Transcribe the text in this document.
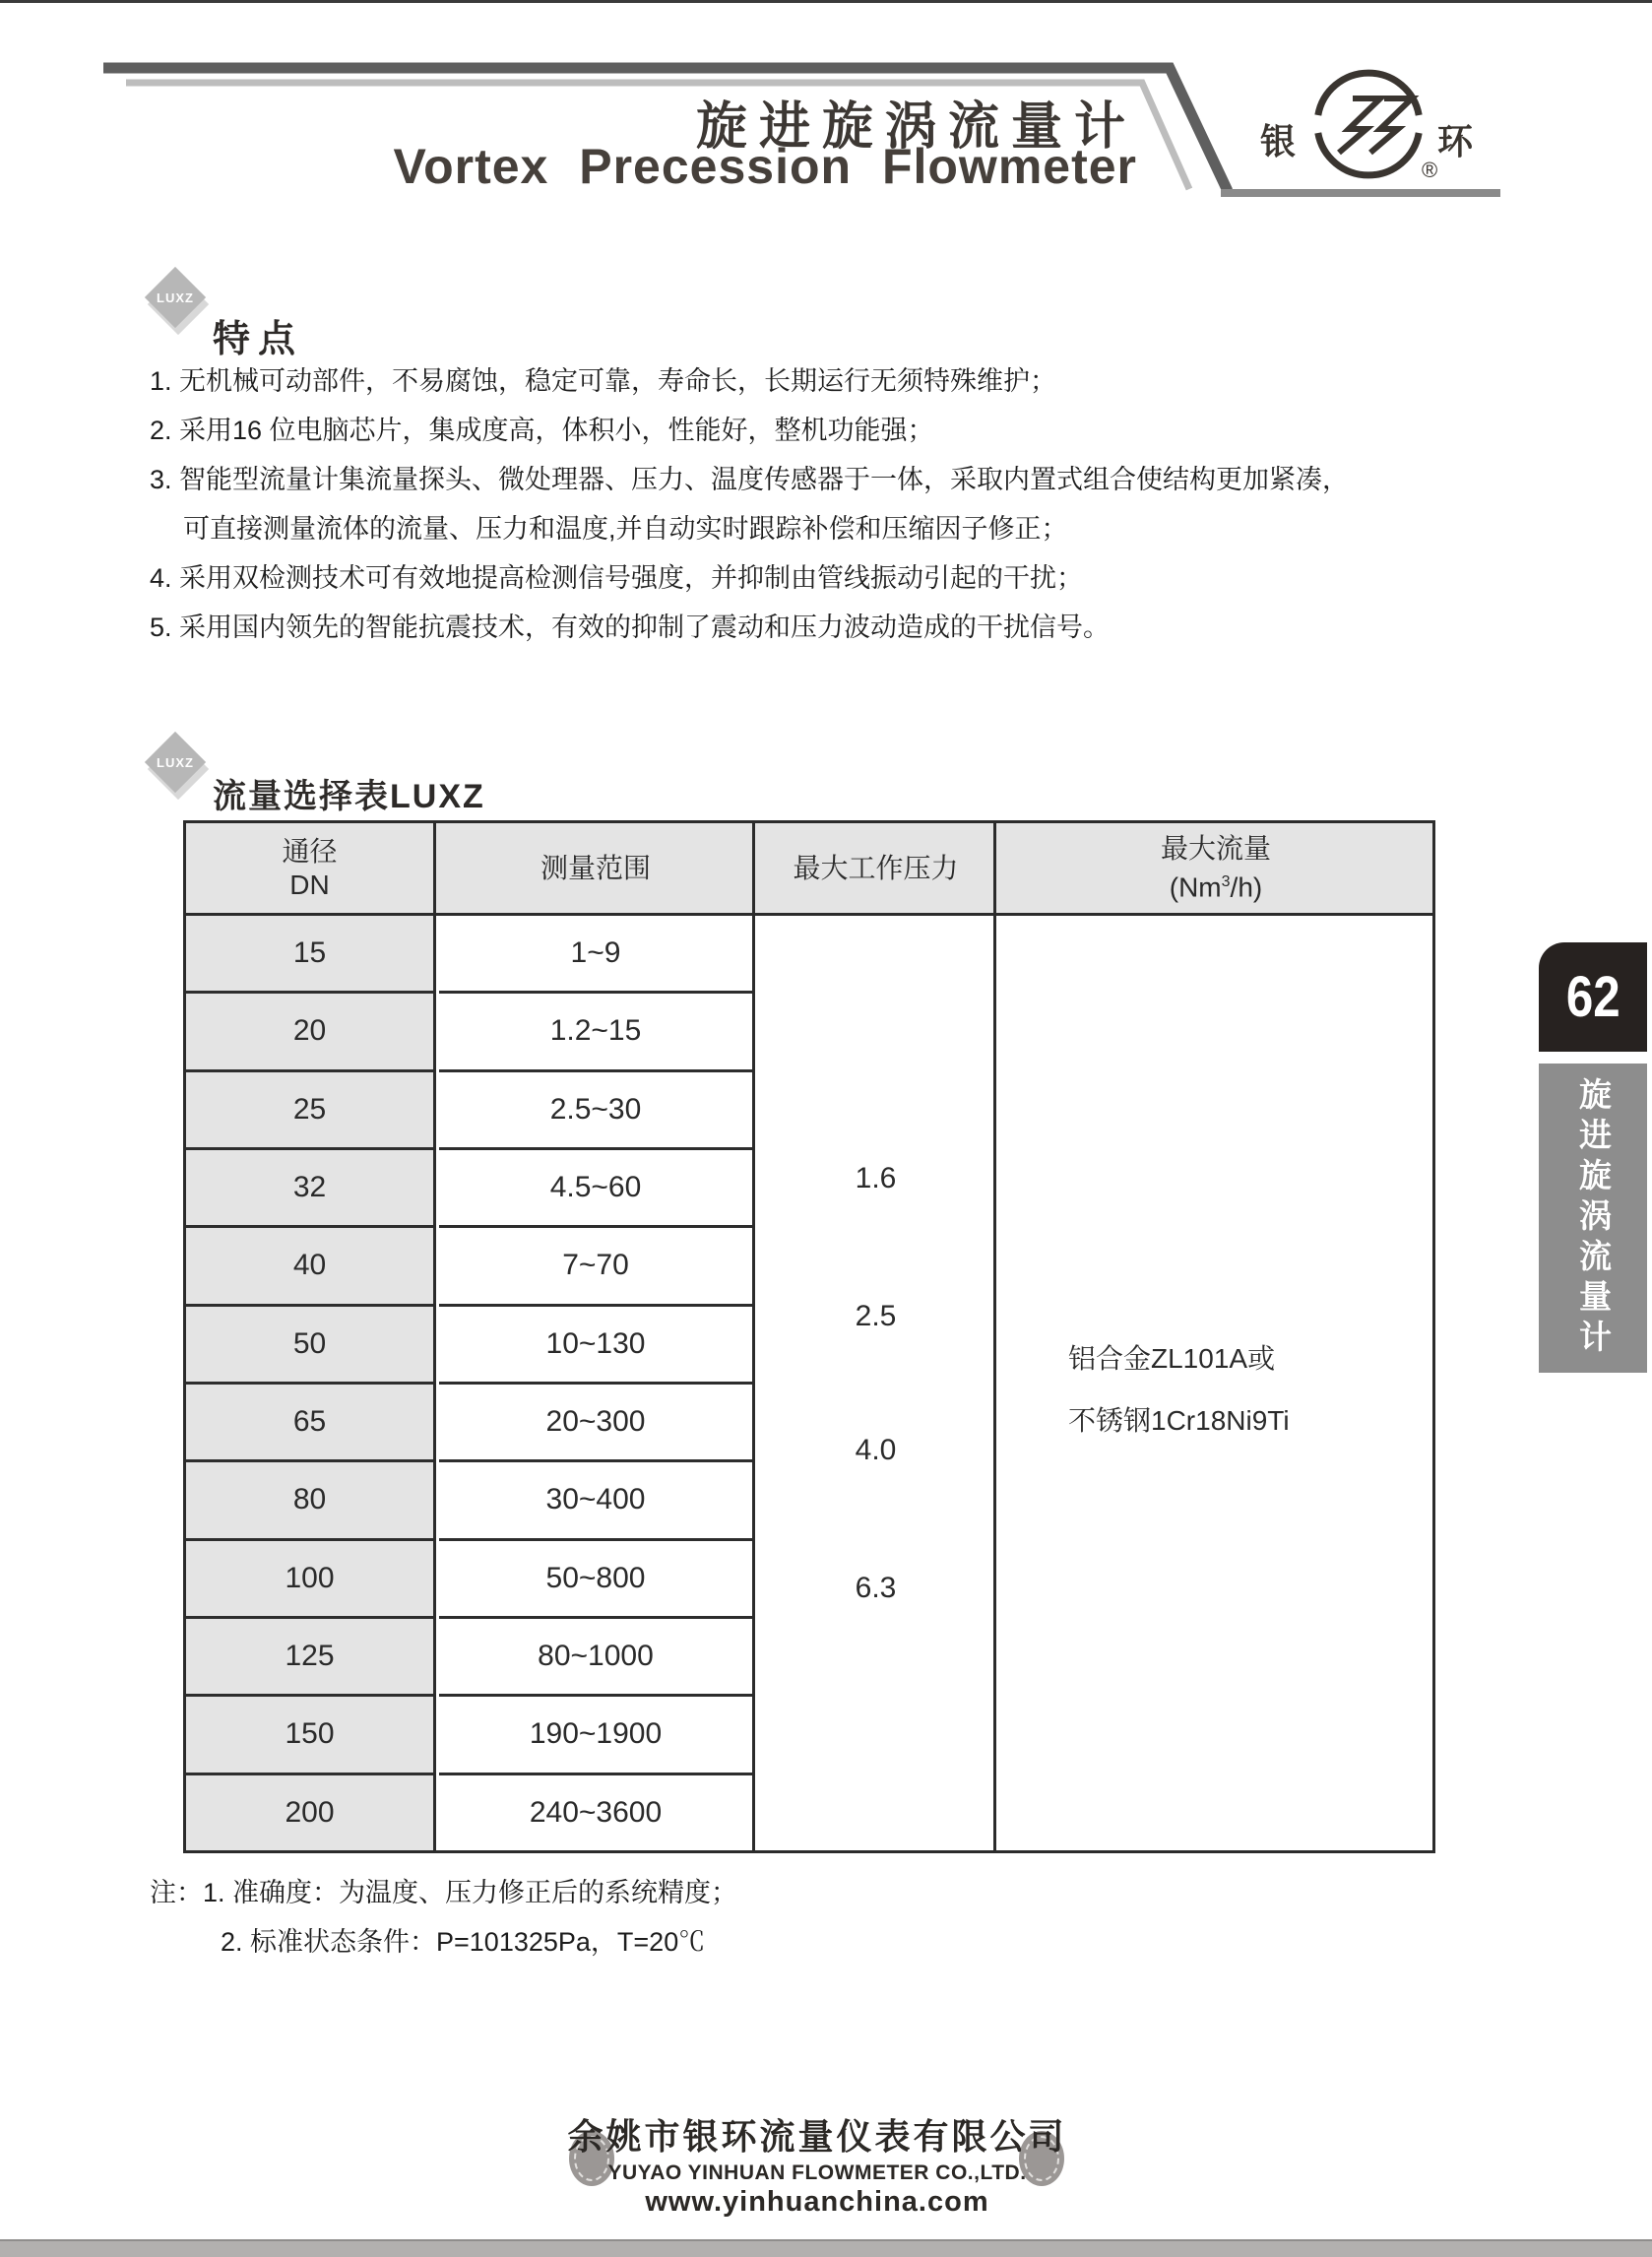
旋进旋涡流量计
Vortex Precession Flowmeter	银
®
环
LUXZ
特点
1. 无机械可动部件，不易腐蚀，稳定可靠，寿命长，长期运行无须特殊维护；
2. 采用16 位电脑芯片，集成度高，体积小，性能好，整机功能强；
3. 智能型流量计集流量探头、微处理器、压力、温度传感器于一体，采取内置式组合使结构更加紧凑，
可直接测量流体的流量、压力和温度,并自动实时跟踪补偿和压缩因子修正；
4. 采用双检测技术可有效地提高检测信号强度，并抑制由管线振动引起的干扰；
5. 采用国内领先的智能抗震技术，有效的抑制了震动和压力波动造成的干扰信号。
LUXZ
流量选择表LUXZ
通径
DN
测量范围	最大工作压力
最大流量
(Nm$^3$/h)
15
20
25
32
40
50
65
80
100
125
150
200
1~9
1.2~15
2.5~30
4.5~60
7~70
10~130
20~300
30~400
50~800
80~1000
190~1900
240~3600
1.6
2.5
4.0
6.3
铝合金ZL101A或
不锈钢1Cr18Ni9Ti
注：1. 准确度：为温度、压力修正后的系统精度；
2. 标准状态条件：P=101325Pa，T=20℃
62
旋进旋涡流量计
余姚市银环流量仪表有限公司
YUYAO YINHUAN FLOWMETER CO.,LTD.
www.yinhuanchina.com
